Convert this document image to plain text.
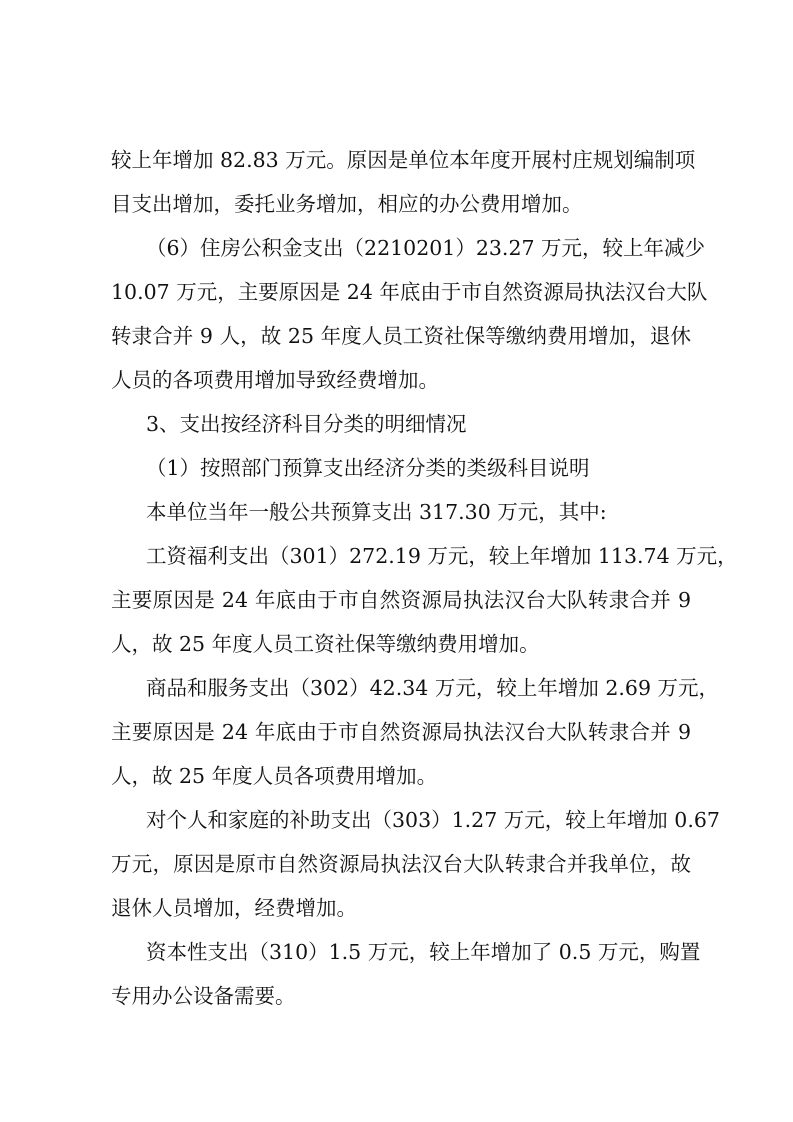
较上年增加 82.83 万元。原因是单位本年度开展村庄规划编制项
目支出增加，委托业务增加，相应的办公费用增加。
（6）住房公积金支出（2210201）23.27 万元，较上年减少
10.07 万元，主要原因是 24 年底由于市自然资源局执法汉台大队
转隶合并 9 人，故 25 年度人员工资社保等缴纳费用增加，退休
人员的各项费用增加导致经费增加。
3、支出按经济科目分类的明细情况
（1）按照部门预算支出经济分类的类级科目说明
本单位当年一般公共预算支出 317.30 万元，其中:
工资福利支出（301）272.19 万元，较上年增加 113.74 万元，
主要原因是 24 年底由于市自然资源局执法汉台大队转隶合并 9
人，故 25 年度人员工资社保等缴纳费用增加。
商品和服务支出（302）42.34 万元，较上年增加 2.69 万元，
主要原因是 24 年底由于市自然资源局执法汉台大队转隶合并 9
人，故 25 年度人员各项费用增加。
对个人和家庭的补助支出（303）1.27 万元，较上年增加 0.67
万元，原因是原市自然资源局执法汉台大队转隶合并我单位，故
退休人员增加，经费增加。
资本性支出（310）1.5 万元，较上年增加了 0.5 万元，购置
专用办公设备需要。
